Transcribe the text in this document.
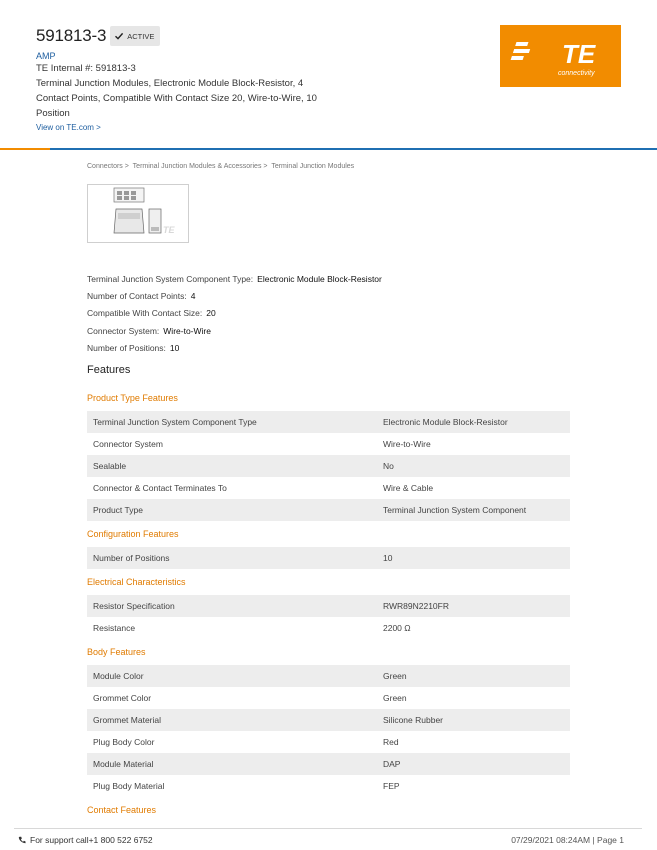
591813-3	ACTIVE
AMP
TE Internal #: 591813-3
Terminal Junction Modules, Electronic Module Block-Resistor, 4
Contact Points, Compatible With Contact Size 20, Wire-to-Wire, 10
Position
View on TE.com >
TE
connectivity
Connectors > Terminal Junction Modules & Accessories > Terminal Junction Modules
TE
Terminal Junction System Component Type: Electronic Module Block-Resistor
Number of Contact Points: 4
Compatible With Contact Size: 20
Connector System: Wire-to-Wire
Number of Positions: 10
Features
Product Type Features
Terminal Junction System Component Type	Electronic Module Block-Resistor
Connector System	Wire-to-Wire
Sealable	No
Connector & Contact Terminates To	Wire & Cable
Product Type	Terminal Junction System Component
Configuration Features
Number of Positions	10
Electrical Characteristics
Resistor Specification	RWR89N2210FR
Resistance	2200 Ω
Body Features
Module Color	Green
Grommet Color	Green
Grommet Material	Silicone Rubber
Plug Body Color	Red
Module Material	DAP
Plug Body Material	FEP
Contact Features
For support call+1 800 522 6752	07/29/2021 08:24AM | Page 1
